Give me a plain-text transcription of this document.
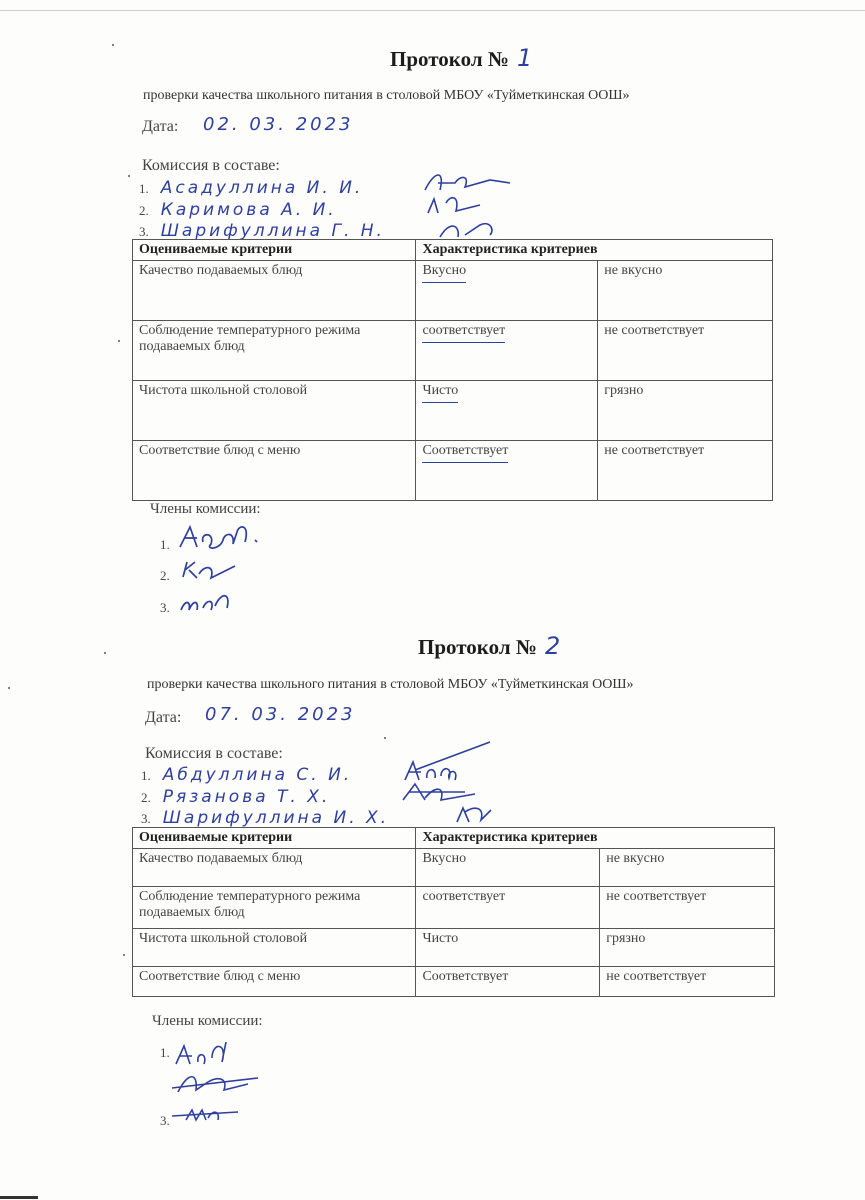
Протокол № 1
проверки качества школьного питания в столовой МБОУ «Туйметкинская ООШ»
Дата: 02. 03. 2023
Комиссия в составе:
1. Асадуллина И. И.
2. Каримова А. И.
3. Шарифуллина Г. Н.
Оцениваемые критерии	Характеристика критериев	
Качество подаваемых блюд	Вкусно	не вкусно
Соблюдение температурного режима подаваемых блюд	соответствует	не соответствует
Чистота школьной столовой	Чисто	грязно
Соответствие блюд с меню	Соответствует	не соответствует
Члены комиссии:
1.
2.
3.
Протокол № 2
проверки качества школьного питания в столовой МБОУ «Туйметкинская ООШ»
Дата: 07. 03. 2023
Комиссия в составе:
1. Абдуллина С. И.
2. Рязанова Т. Х.
3. Шарифуллина И. Х.
Оцениваемые критерии	Характеристика критериев	
Качество подаваемых блюд	Вкусно	не вкусно
Соблюдение температурного режима подаваемых блюд	соответствует	не соответствует
Чистота школьной столовой	Чисто	грязно
Соответствие блюд с меню	Соответствует	не соответствует
Члены комиссии:
1.
3.
